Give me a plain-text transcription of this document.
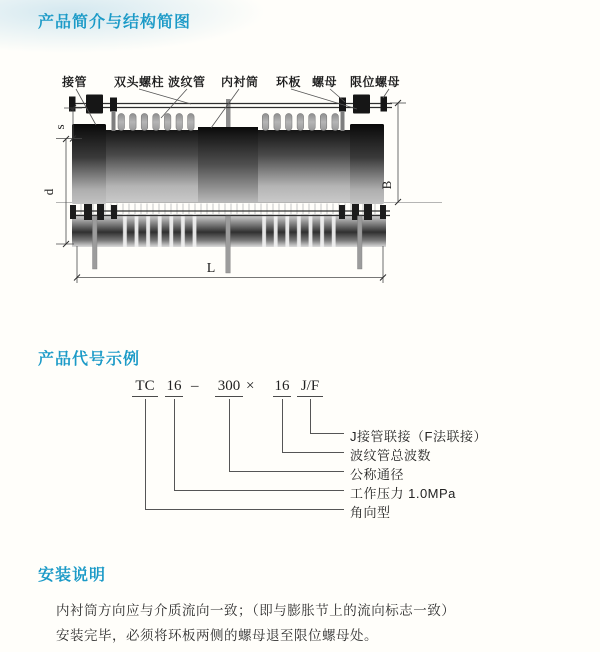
产品简介与结构简图
s
d
B
L
接管 双头螺柱 波纹管 内衬筒 环板 螺母 限位螺母
产品代号示例
TC 16 – 300 × 16 J/F
J接管联接（F法联接）
波纹管总波数
公称通径
工作压力 1.0MPa
角向型
安装说明
内衬筒方向应与介质流向一致；（即与膨胀节上的流向标志一致）
安装完毕，必须将环板两侧的螺母退至限位螺母处。
